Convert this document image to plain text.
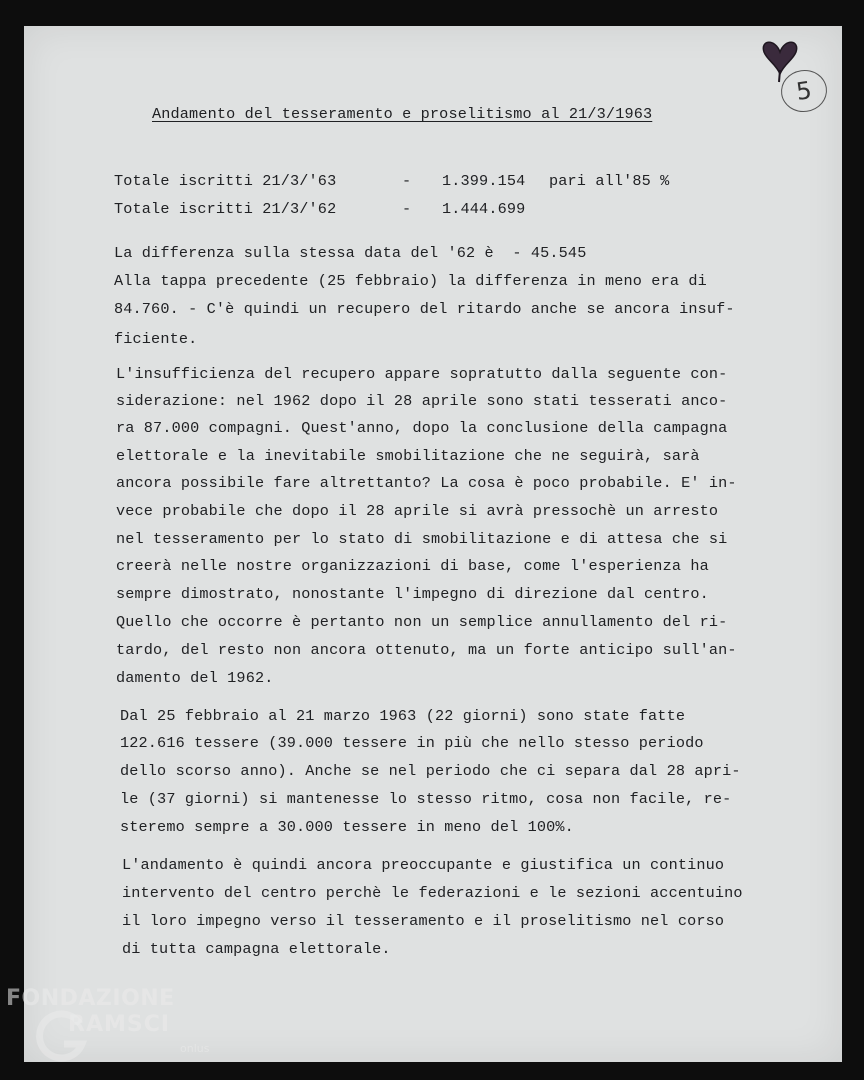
5
Andamento del tesseramento e proselitismo al 21/3/1963
Totale iscritti 21/3/'63	- 1.399.154 pari all'85 %
Totale iscritti 21/3/'62	- 1.444.699
La differenza sulla stessa data del '62 è  - 45.545
Alla tappa precedente (25 febbraio) la differenza in meno era di
84.760. - C'è quindi un recupero del ritardo anche se ancora insuf-
ficiente.
L'insufficienza del recupero appare sopratutto dalla seguente con-
siderazione: nel 1962 dopo il 28 aprile sono stati tesserati anco-
ra 87.000 compagni. Quest'anno, dopo la conclusione della campagna
elettorale e la inevitabile smobilitazione che ne seguirà, sarà
ancora possibile fare altrettanto? La cosa è poco probabile. E' in-
vece probabile che dopo il 28 aprile si avrà pressochè un arresto
nel tesseramento per lo stato di smobilitazione e di attesa che si
creerà nelle nostre organizzazioni di base, come l'esperienza ha
sempre dimostrato, nonostante l'impegno di direzione dal centro.
Quello che occorre è pertanto non un semplice annullamento del ri-
tardo, del resto non ancora ottenuto, ma un forte anticipo sull'an-
damento del 1962.
Dal 25 febbraio al 21 marzo 1963 (22 giorni) sono state fatte
122.616 tessere (39.000 tessere in più che nello stesso periodo
dello scorso anno). Anche se nel periodo che ci separa dal 28 apri-
le (37 giorni) si mantenesse lo stesso ritmo, cosa non facile, re-
steremo sempre a 30.000 tessere in meno del 100%.
L'andamento è quindi ancora preoccupante e giustifica un continuo
intervento del centro perchè le federazioni e le sezioni accentuino
il loro impegno verso il tesseramento e il proselitismo nel corso
di tutta campagna elettorale.
FONDAZIONE
RAMSCI
onlus
